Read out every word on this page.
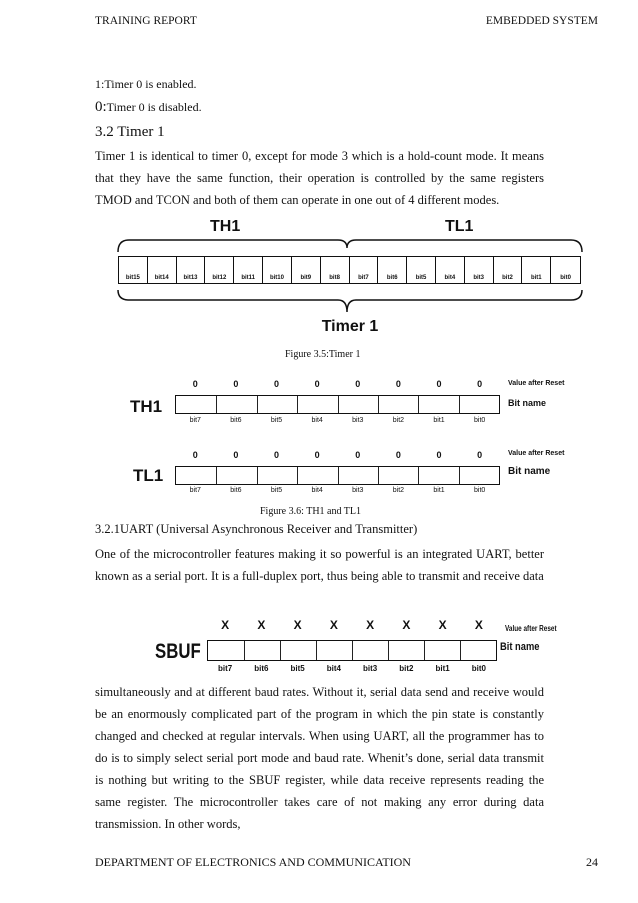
TRAINING REPORT	EMBEDDED SYSTEM
1:Timer 0 is enabled.
0:Timer 0 is disabled.
3.2 Timer 1
Timer 1 is identical to timer 0, except for mode 3 which is a hold-count mode. It means that they have the same function, their operation is controlled by the same registers TMOD and TCON and both of them can operate in one out of 4 different modes.
TH1	TL1
bit15	bit14	bit13	bit12	bit11	bit10	bit9	bit8	bit7	bit6	bit5	bit4	bit3	bit2	bit1	bit0
Timer 1
Figure 3.5:Timer 1
0	0	0	0	0	0	0	0	Value after Reset
TH1	Bit name
bit7	bit6	bit5	bit4	bit3	bit2	bit1	bit0
0	0	0	0	0	0	0	0	Value after Reset
TL1	Bit name
bit7	bit6	bit5	bit4	bit3	bit2	bit1	bit0
Figure 3.6: TH1 and TL1
3.2.1UART (Universal Asynchronous Receiver and Transmitter)
One of the microcontroller features making it so powerful is an integrated UART, better known as a serial port. It is a full-duplex port, thus being able to transmit and receive data
X	X	X	X	X	X	X	X	Value after Reset
SBUF	Bit name
bit7	bit6	bit5	bit4	bit3	bit2	bit1	bit0
simultaneously and at different baud rates. Without it, serial data send and receive would be an enormously complicated part of the program in which the pin state is constantly changed and checked at regular intervals. When using UART, all the programmer has to do is to simply select serial port mode and baud rate. Whenit’s done, serial data transmit is nothing but writing to the SBUF register, while data receive represents reading the same register. The microcontroller takes care of not making any error during data transmission. In other words,
DEPARTMENT OF ELECTRONICS AND COMMUNICATION	24
